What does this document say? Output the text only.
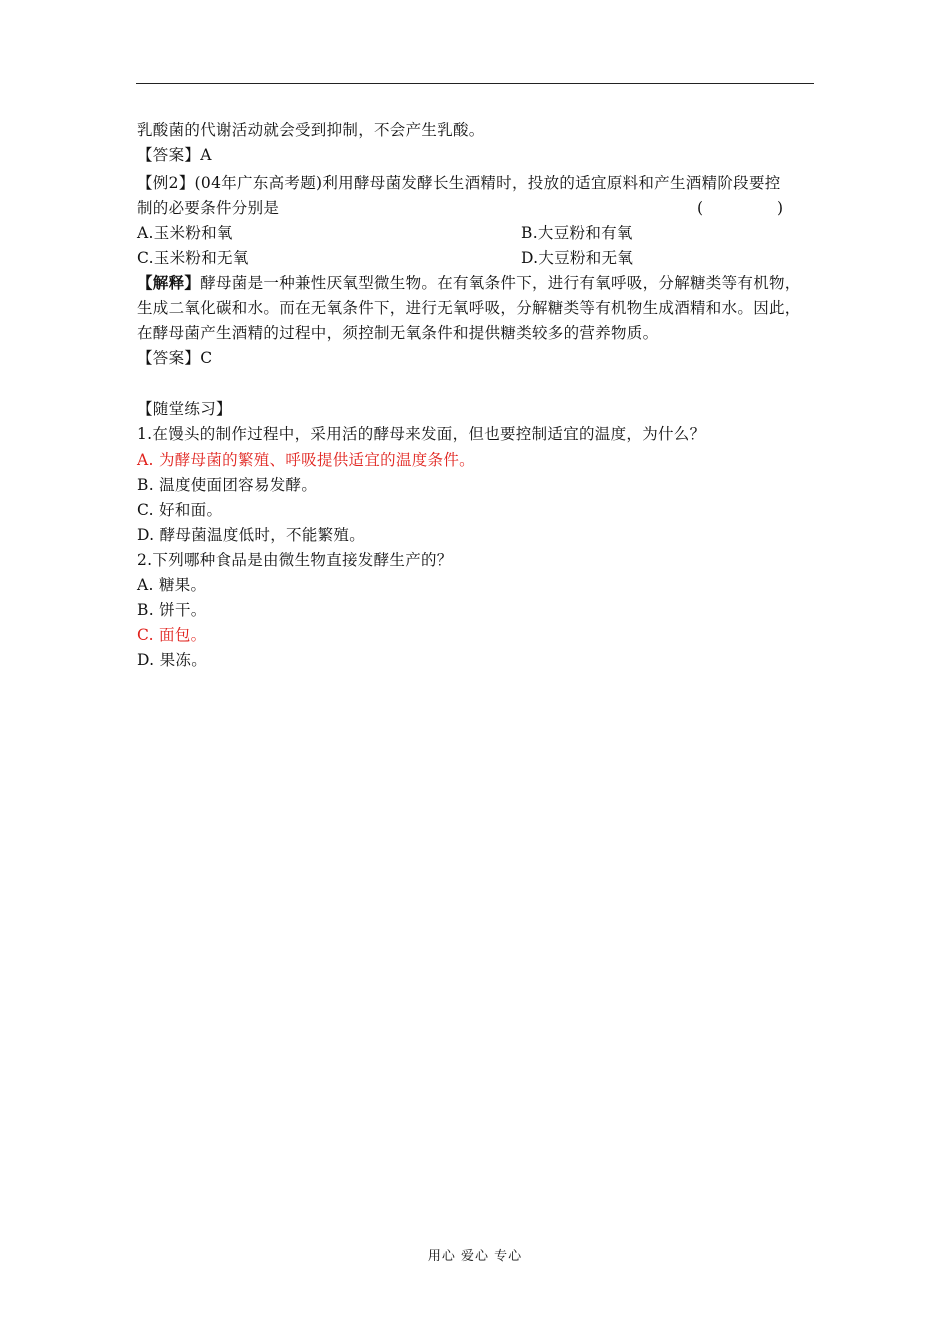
乳酸菌的代谢活动就会受到抑制，不会产生乳酸。
【答案】A
【例2】(04年广东高考题)利用酵母菌发酵长生酒精时，投放的适宜原料和产生酒精阶段要控
制的必要条件分别是	(	)
A.玉米粉和氧	B.大豆粉和有氧
C.玉米粉和无氧	D.大豆粉和无氧
【解释】酵母菌是一种兼性厌氧型微生物。在有氧条件下，进行有氧呼吸，分解糖类等有机物，
生成二氧化碳和水。而在无氧条件下，进行无氧呼吸，分解糖类等有机物生成酒精和水。因此，
在酵母菌产生酒精的过程中，须控制无氧条件和提供糖类较多的营养物质。
【答案】C
【随堂练习】
1.在馒头的制作过程中，采用活的酵母来发面，但也要控制适宜的温度，为什么？
A. 为酵母菌的繁殖、呼吸提供适宜的温度条件。
B. 温度使面团容易发酵。
C. 好和面。
D. 酵母菌温度低时，不能繁殖。
2.下列哪种食品是由微生物直接发酵生产的？
A. 糖果。
B. 饼干。
C. 面包。
D. 果冻。
用心 爱心 专心
